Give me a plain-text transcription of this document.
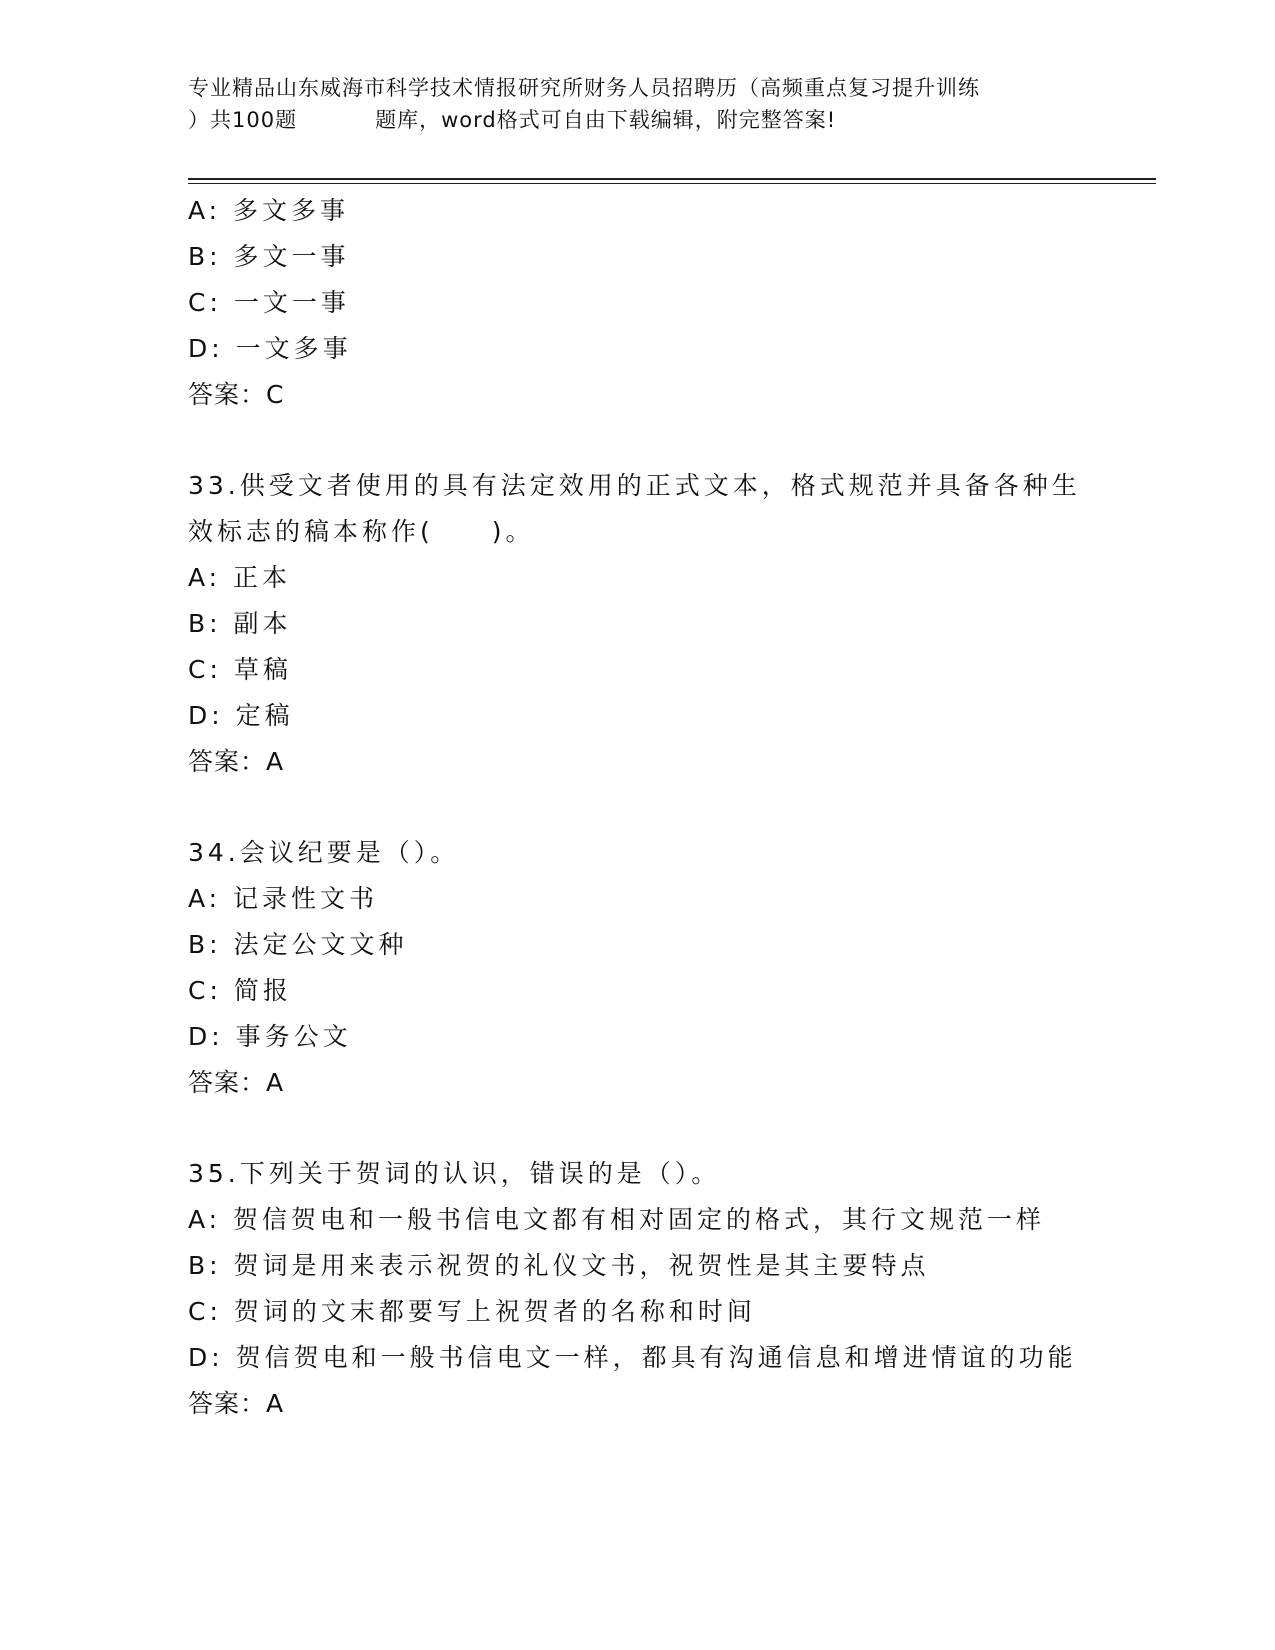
专业精品山东威海市科学技术情报研究所财务人员招聘历（高频重点复习提升训练
）共100题	题库，word格式可自由下载编辑，附完整答案!
A: 多文多事
B: 多文一事
C: 一文一事
D: 一文多事
答案：C
33.供受文者使用的具有法定效用的正式文本，格式规范并具备各种生
效标志的稿本称作(　　)。
A: 正本
B: 副本
C: 草稿
D: 定稿
答案：A
34.会议纪要是（）。
A: 记录性文书
B: 法定公文文种
C: 简报
D: 事务公文
答案：A
35.下列关于贺词的认识，错误的是（）。
A: 贺信贺电和一般书信电文都有相对固定的格式，其行文规范一样
B: 贺词是用来表示祝贺的礼仪文书，祝贺性是其主要特点
C: 贺词的文末都要写上祝贺者的名称和时间
D: 贺信贺电和一般书信电文一样，都具有沟通信息和增进情谊的功能
答案：A
